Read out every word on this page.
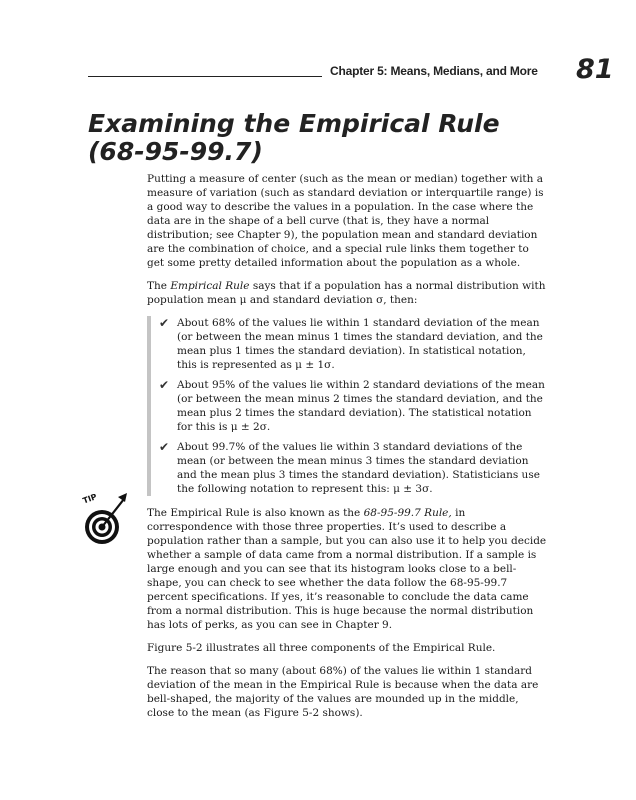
Chapter 5: Means, Medians, and More 81
Examining the Empirical Rule (68-95-99.7)
TIP

Putting a measure of center (such as the mean or median) together with a measure of variation (such as standard deviation or interquartile range) is a good way to describe the values in a population. In the case where the data are in the shape of a bell curve (that is, they have a normal distribution; see Chapter 9), the population mean and standard deviation are the combination of choice, and a special rule links them together to get some pretty detailed information about the population as a whole.

The Empirical Rule says that if a population has a normal distribution with population mean μ and standard deviation σ, then:

✔ About 68% of the values lie within 1 standard deviation of the mean (or between the mean minus 1 times the standard deviation, and the mean plus 1 times the standard deviation). In statistical notation, this is represented as μ ± 1σ.
✔ About 95% of the values lie within 2 standard deviations of the mean (or between the mean minus 2 times the standard deviation, and the mean plus 2 times the standard deviation). The statistical notation for this is μ ± 2σ.
✔ About 99.7% of the values lie within 3 standard deviations of the mean (or between the mean minus 3 times the standard deviation and the mean plus 3 times the standard deviation). Statisticians use the following notation to represent this: μ ± 3σ.

The Empirical Rule is also known as the 68-95-99.7 Rule, in correspondence with those three properties. It’s used to describe a population rather than a sample, but you can also use it to help you decide whether a sample of data came from a normal distribution. If a sample is large enough and you can see that its histogram looks close to a bell-shape, you can check to see whether the data follow the 68-95-99.7 percent specifications. If yes, it’s reasonable to conclude the data came from a normal distribution. This is huge because the normal distribution has lots of perks, as you can see in Chapter 9.

Figure 5-2 illustrates all three components of the Empirical Rule.

The reason that so many (about 68%) of the values lie within 1 standard deviation of the mean in the Empirical Rule is because when the data are bell-shaped, the majority of the values are mounded up in the middle, close to the mean (as Figure 5-2 shows).
